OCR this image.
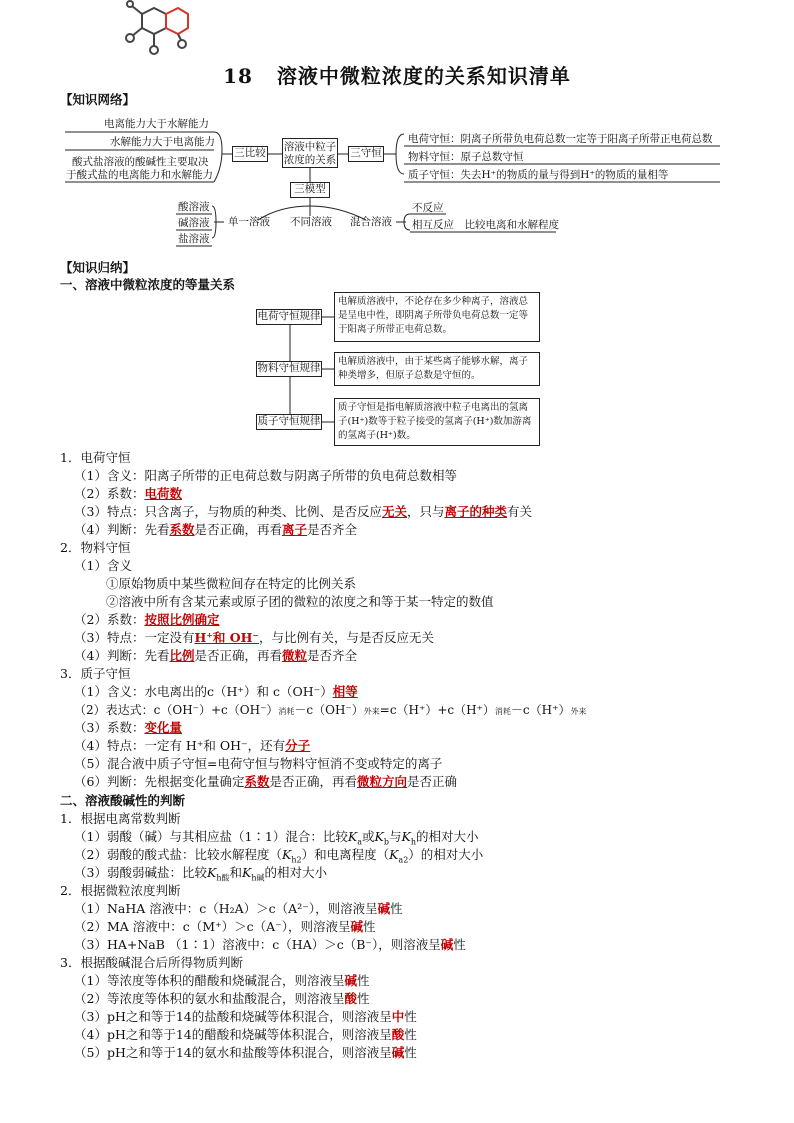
18 溶液中微粒浓度的关系知识清单
【知识网络】
电离能力大于水解能力
水解能力大于电离能力
酸式盐溶液的酸碱性主要取决
于酸式盐的电离能力和水解能力
三比较 溶液中粒子
浓度的关系
三守恒
三模型
电荷守恒：阴离子所带负电荷总数一定等于阳离子所带正电荷总数
物料守恒：原子总数守恒
质子守恒：失去H⁺的物质的量与得到H⁺的物质的量相等
酸溶液
碱溶液
盐溶液
单一溶液 不同溶液 混合溶液
不反应
相互反应　比较电离和水解程度
【知识归纳】
一、溶液中微粒浓度的等量关系
电荷守恒规律
电解质溶液中，不论存在多少种离子，溶液总是呈电中性，即阴离子所带负电荷总数一定等于阳离子所带正电荷总数。
物料守恒规律
电解质溶液中，由于某些离子能够水解，离子种类增多，但原子总数是守恒的。
质子守恒规律
质子守恒是指电解质溶液中粒子电离出的氢离子(H⁺)数等于粒子接受的氢离子(H⁺)数加游离的氢离子(H⁺)数。
1．电荷守恒
（1）含义：阳离子所带的正电荷总数与阴离子所带的负电荷总数相等
（2）系数：电荷数
（3）特点：只含离子，与物质的种类、比例、是否反应无关，只与离子的种类有关
（4）判断：先看系数是否正确，再看离子是否齐全
2．物料守恒
（1）含义
①原始物质中某些微粒间存在特定的比例关系
②溶液中所有含某元素或原子团的微粒的浓度之和等于某一特定的数值
（2）系数：按照比例确定
（3）特点：一定没有H⁺和 OH⁻，与比例有关，与是否反应无关
（4）判断：先看比例是否正确，再看微粒是否齐全
3．质子守恒
（1）含义：水电离出的c（H⁺）和 c（OH⁻）相等
（2）表达式：c（OH⁻）+c（OH⁻）消耗－c（OH⁻）外来=c（H⁺）+c（H⁺）消耗－c（H⁺）外来
（3）系数：变化量
（4）特点：一定有 H⁺和 OH⁻，还有分子
（5）混合液中质子守恒=电荷守恒与物料守恒消不变或特定的离子
（6）判断：先根据变化量确定系数是否正确，再看微粒方向是否正确
二、溶液酸碱性的判断
1．根据电离常数判断
（1）弱酸（碱）与其相应盐（1∶1）混合：比较$K_a$或$K_b$与$K_h$的相对大小
（2）弱酸的酸式盐：比较水解程度$(K_{h2})$和电离程度$(K_{a2})$的相对大小
（3）弱酸弱碱盐：比较$K_{h酸}$和$K_{h碱}$的相对大小
2．根据微粒浓度判断
（1）NaHA 溶液中：c（H₂A）＞c（A²⁻），则溶液呈碱性
（2）MA 溶液中：c（M⁺）＞c（A⁻），则溶液呈碱性
（3）HA+NaB （1∶1）溶液中：c（HA）＞c（B⁻），则溶液呈碱性
3．根据酸碱混合后所得物质判断
（1）等浓度等体积的醋酸和烧碱混合，则溶液呈碱性
（2）等浓度等体积的氨水和盐酸混合，则溶液呈酸性
（3）pH之和等于14的盐酸和烧碱等体积混合，则溶液呈中性
（4）pH之和等于14的醋酸和烧碱等体积混合，则溶液呈酸性
（5）pH之和等于14的氨水和盐酸等体积混合，则溶液呈碱性
